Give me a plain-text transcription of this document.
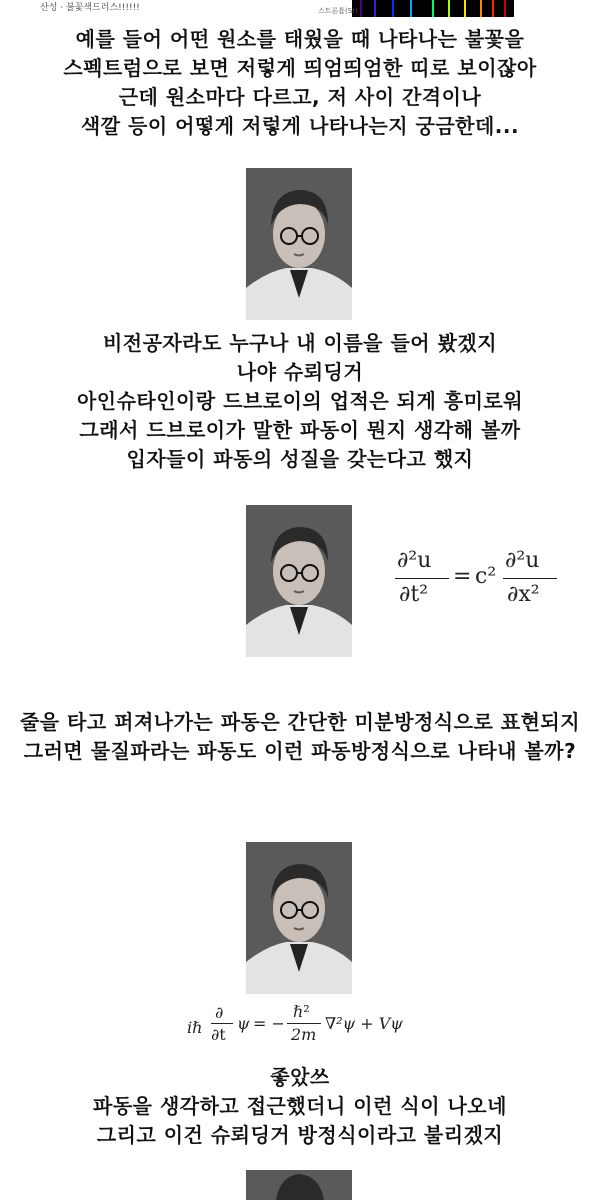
산성 · 불꽃색드러스!!!!!!	스트론튬(Sr)
예를 들어 어떤 원소를 태웠을 때 나타나는 불꽃을
스펙트럼으로 보면 저렇게 띄엄띄엄한 띠로 보이잖아
근데 원소마다 다르고, 저 사이 간격이나
색깔 등이 어떻게 저렇게 나타나는지 궁금한데...
비전공자라도 누구나 내 이름을 들어 봤겠지
나야 슈뢰딩거
아인슈타인이랑 드브로이의 업적은 되게 흥미로워
그래서 드브로이가 말한 파동이 뭔지 생각해 볼까
입자들이 파동의 성질을 갖는다고 했지
∂²u
∂t²
= c²
∂²u
∂x²
줄을 타고 퍼져나가는 파동은 간단한 미분방정식으로 표현되지
그러면 물질파라는 파동도 이런 파동방정식으로 나타내 볼까?
iℏ
∂
∂t
ψ = −
ℏ²
2m
∇²ψ + Vψ
좋았쓰
파동을 생각하고 접근했더니 이런 식이 나오네
그리고 이건 슈뢰딩거 방정식이라고 불리겠지
